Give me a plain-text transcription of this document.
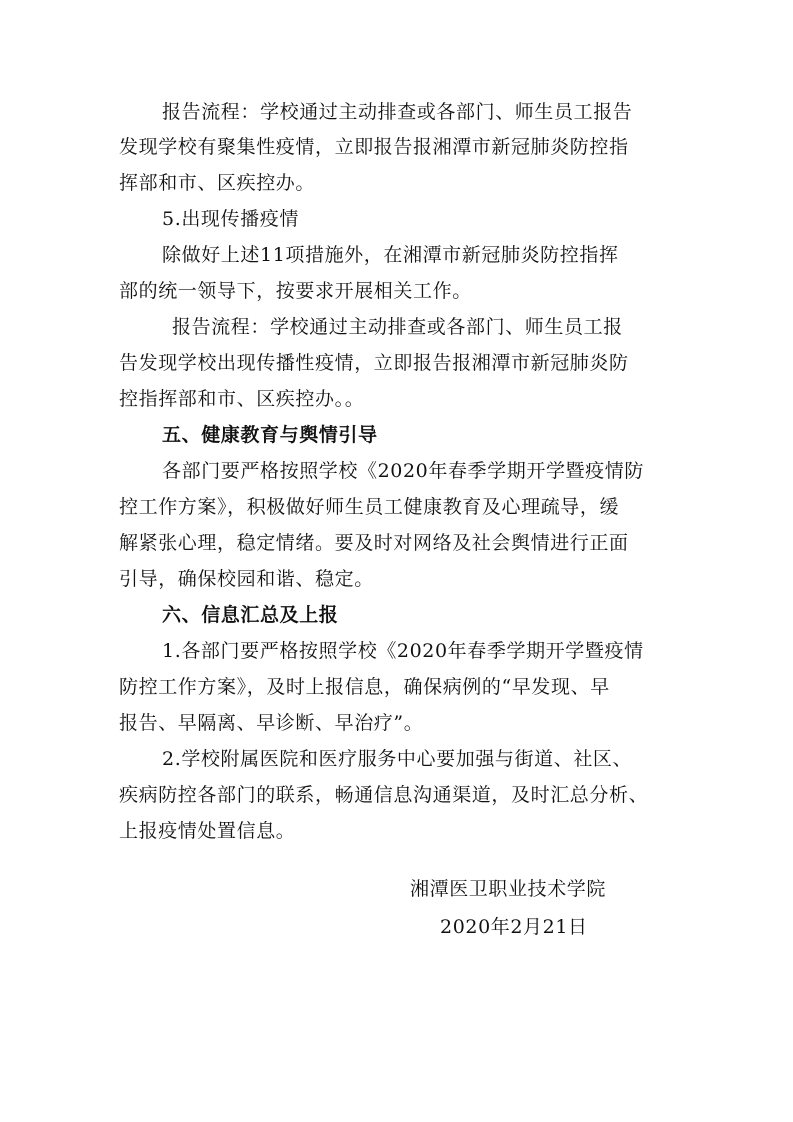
报告流程：学校通过主动排查或各部门、师生员工报告
发现学校有聚集性疫情，立即报告报湘潭市新冠肺炎防控指
挥部和市、区疾控办。
5.出现传播疫情
除做好上述11项措施外，在湘潭市新冠肺炎防控指挥
部的统一领导下，按要求开展相关工作。
报告流程：学校通过主动排查或各部门、师生员工报
告发现学校出现传播性疫情，立即报告报湘潭市新冠肺炎防
控指挥部和市、区疾控办。。
五、健康教育与舆情引导
各部门要严格按照学校《2020年春季学期开学暨疫情防
控工作方案》，积极做好师生员工健康教育及心理疏导，缓
解紧张心理，稳定情绪。要及时对网络及社会舆情进行正面
引导，确保校园和谐、稳定。
六、信息汇总及上报
1.各部门要严格按照学校《2020年春季学期开学暨疫情
防控工作方案》，及时上报信息，确保病例的“早发现、早
报告、早隔离、早诊断、早治疗”。
2.学校附属医院和医疗服务中心要加强与街道、社区、
疾病防控各部门的联系，畅通信息沟通渠道，及时汇总分析、
上报疫情处置信息。
湘潭医卫职业技术学院
2020年2月21日
